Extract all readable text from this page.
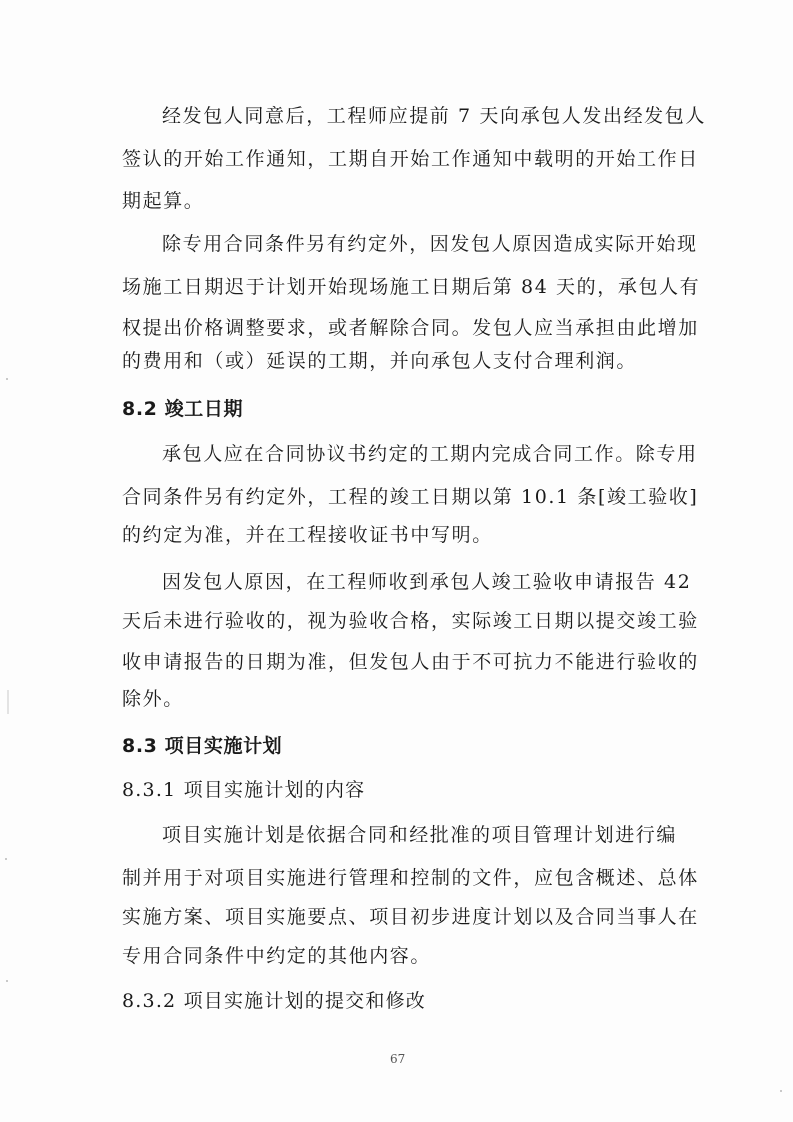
经发包人同意后，工程师应提前 7 天向承包人发出经发包人
签认的开始工作通知，工期自开始工作通知中载明的开始工作日
期起算。
除专用合同条件另有约定外，因发包人原因造成实际开始现
场施工日期迟于计划开始现场施工日期后第 84 天的，承包人有
权提出价格调整要求，或者解除合同。发包人应当承担由此增加
的费用和（或）延误的工期，并向承包人支付合理利润。
8.2 竣工日期
承包人应在合同协议书约定的工期内完成合同工作。除专用
合同条件另有约定外，工程的竣工日期以第 10.1 条[竣工验收]
的约定为准，并在工程接收证书中写明。
因发包人原因，在工程师收到承包人竣工验收申请报告 42
天后未进行验收的，视为验收合格，实际竣工日期以提交竣工验
收申请报告的日期为准，但发包人由于不可抗力不能进行验收的
除外。
8.3 项目实施计划
8.3.1 项目实施计划的内容
项目实施计划是依据合同和经批准的项目管理计划进行编
制并用于对项目实施进行管理和控制的文件，应包含概述、总体
实施方案、项目实施要点、项目初步进度计划以及合同当事人在
专用合同条件中约定的其他内容。
8.3.2 项目实施计划的提交和修改
67
